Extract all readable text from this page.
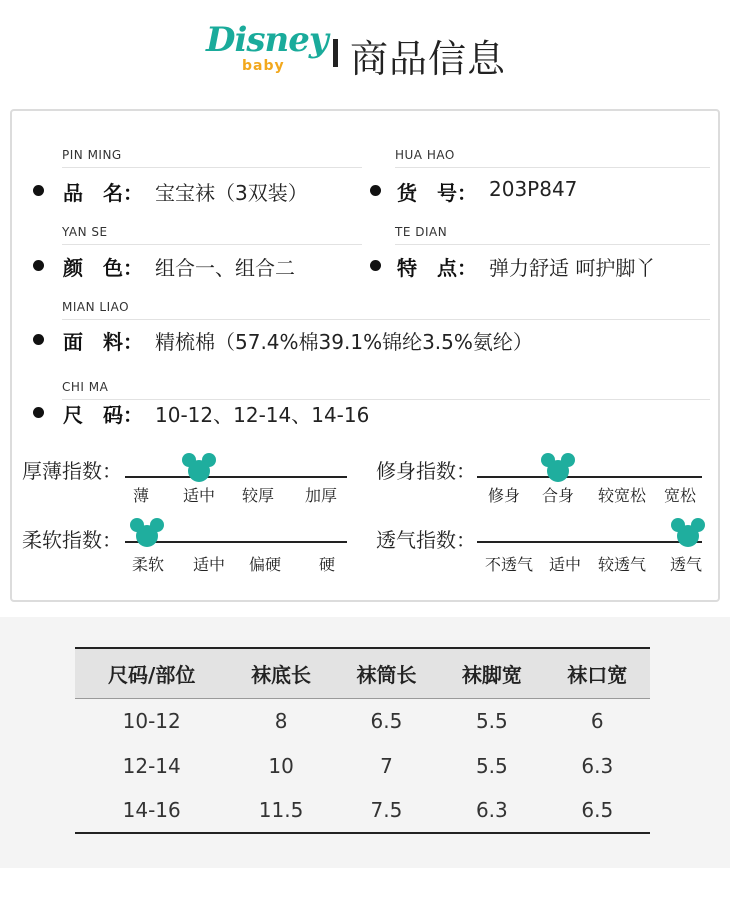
Disney
baby 商品信息
PIN MING	HUA HAO
品　名： 宝宝袜（3双装）	货　号： 203P847
YAN SE	TE DIAN
颜　色： 组合一、组合二	特　点： 弹力舒适 呵护脚丫
MIAN LIAO
面　料： 精梳棉（57.4%棉39.1%锦纶3.5%氨纶）
CHI MA
尺　码： 10-12、12-14、14-16
厚薄指数：
薄 适中 较厚 加厚
修身指数：
修身 合身 较宽松 宽松
柔软指数：
柔软 适中 偏硬 硬
透气指数：
不透气 适中 较透气 透气
尺码/部位	袜底长	袜筒长	袜脚宽	袜口宽
10-12	8	6.5	5.5	6
12-14	10	7	5.5	6.3
14-16	11.5	7.5	6.3	6.5
